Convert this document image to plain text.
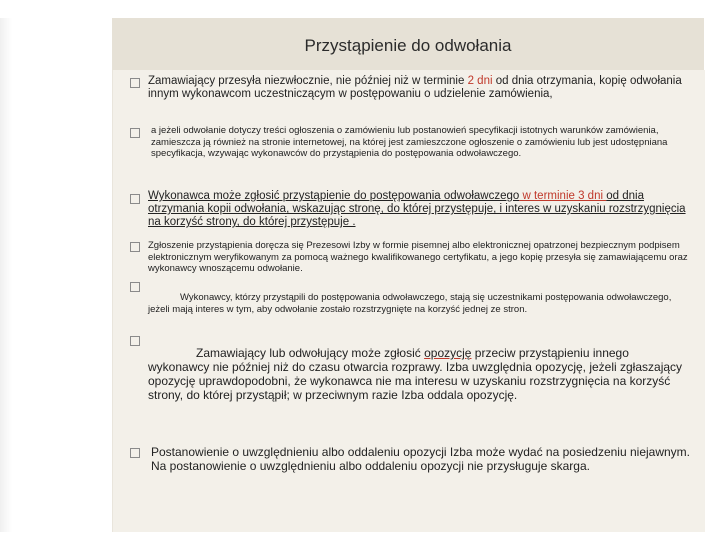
Przystąpienie do odwołania
Zamawiający przesyła niezwłocznie, nie później niż w terminie 2 dni od dnia otrzymania, kopię odwołania innym wykonawcom uczestniczącym w postępowaniu o udzielenie zamówienia,
a jeżeli odwołanie dotyczy treści ogłoszenia o zamówieniu lub postanowień specyfikacji istotnych warunków zamówienia, zamieszcza ją również na stronie internetowej, na której jest zamieszczone ogłoszenie o zamówieniu lub jest udostępniana specyfikacja, wzywając wykonawców do przystąpienia do postępowania odwoławczego.
Wykonawca może zgłosić przystąpienie do postępowania odwoławczego w terminie 3 dni od dnia otrzymania kopii odwołania, wskazując stronę, do której przystępuje, i interes w uzyskaniu rozstrzygnięcia na korzyść strony, do której przystępuje .
Zgłoszenie przystąpienia doręcza się Prezesowi Izby w formie pisemnej albo elektronicznej opatrzonej bezpiecznym podpisem elektronicznym weryfikowanym za pomocą ważnego kwalifikowanego certyfikatu, a jego kopię przesyła się zamawiającemu oraz wykonawcy wnoszącemu odwołanie.
Wykonawcy, którzy przystąpili do postępowania odwoławczego, stają się uczestnikami postępowania odwoławczego, jeżeli mają interes w tym, aby odwołanie zostało rozstrzygnięte na korzyść jednej ze stron.
Zamawiający lub odwołujący może zgłosić opozycję przeciw przystąpieniu innego wykonawcy nie później niż do czasu otwarcia rozprawy. Izba uwzględnia opozycję, jeżeli zgłaszający opozycję uprawdopodobni, że wykonawca nie ma interesu w uzyskaniu rozstrzygnięcia na korzyść strony, do której przystąpił; w przeciwnym razie Izba oddala opozycję.
Postanowienie o uwzględnieniu albo oddaleniu opozycji Izba może wydać na posiedzeniu niejawnym. Na postanowienie o uwzględnieniu albo oddaleniu opozycji nie przysługuje skarga.
